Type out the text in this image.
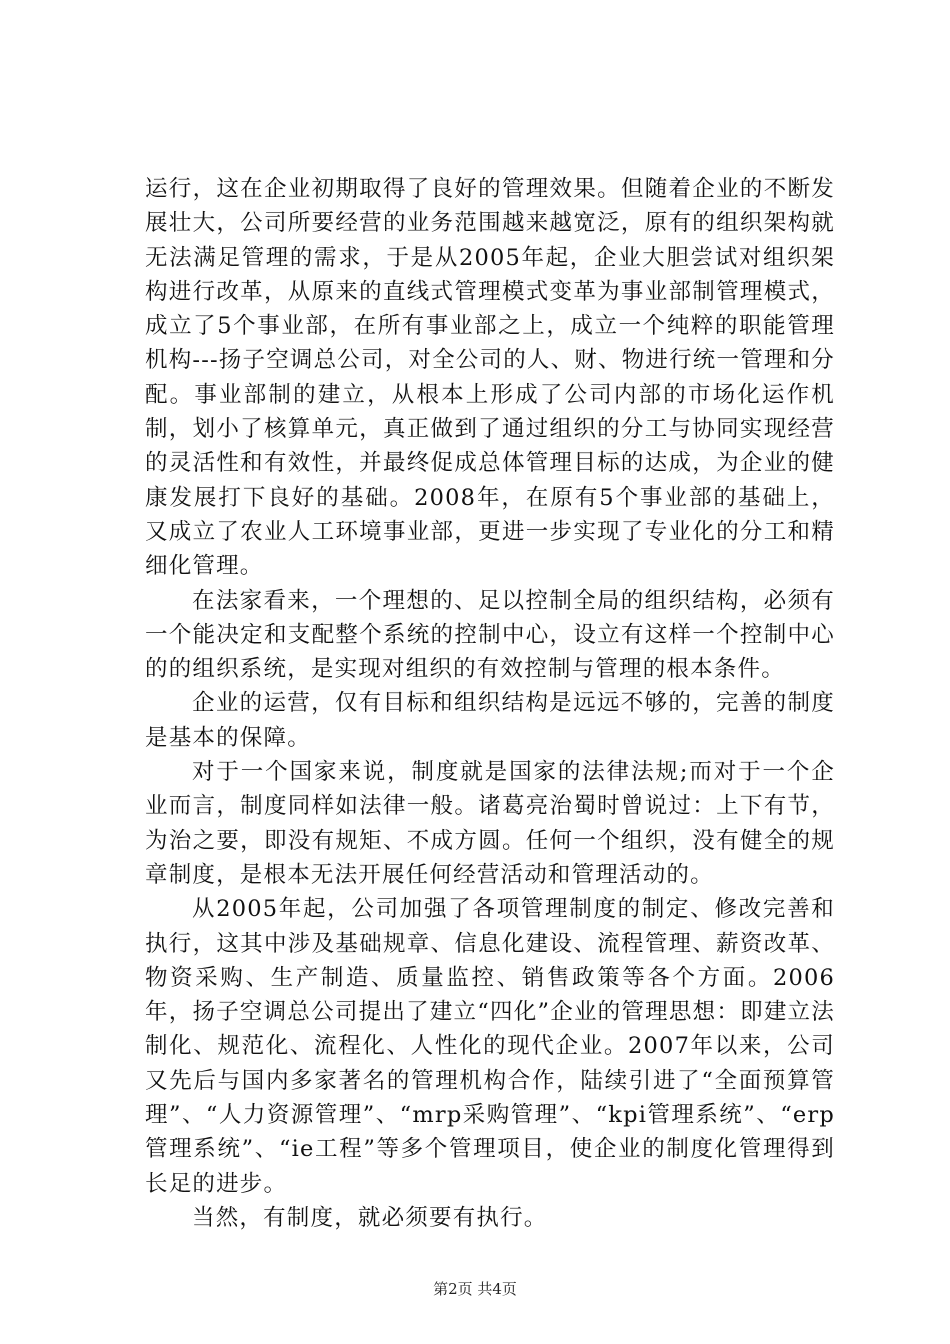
运行，这在企业初期取得了良好的管理效果。但随着企业的不断发展壮大，公司所要经营的业务范围越来越宽泛，原有的组织架构就无法满足管理的需求，于是从2005年起，企业大胆尝试对组织架构进行改革，从原来的直线式管理模式变革为事业部制管理模式，成立了5个事业部，在所有事业部之上，成立一个纯粹的职能管理机构---扬子空调总公司，对全公司的人、财、物进行统一管理和分配。事业部制的建立，从根本上形成了公司内部的市场化运作机制，划小了核算单元，真正做到了通过组织的分工与协同实现经营的灵活性和有效性，并最终促成总体管理目标的达成，为企业的健康发展打下良好的基础。2008年，在原有5个事业部的基础上，又成立了农业人工环境事业部，更进一步实现了专业化的分工和精细化管理。

在法家看来，一个理想的、足以控制全局的组织结构，必须有一个能决定和支配整个系统的控制中心，设立有这样一个控制中心的的组织系统，是实现对组织的有效控制与管理的根本条件。

企业的运营，仅有目标和组织结构是远远不够的，完善的制度是基本的保障。

对于一个国家来说，制度就是国家的法律法规;而对于一个企业而言，制度同样如法律一般。诸葛亮治蜀时曾说过：上下有节，为治之要，即没有规矩、不成方圆。任何一个组织，没有健全的规章制度，是根本无法开展任何经营活动和管理活动的。

从2005年起，公司加强了各项管理制度的制定、修改完善和执行，这其中涉及基础规章、信息化建设、流程管理、薪资改革、物资采购、生产制造、质量监控、销售政策等各个方面。2006年，扬子空调总公司提出了建立“四化”企业的管理思想：即建立法制化、规范化、流程化、人性化的现代企业。2007年以来，公司又先后与国内多家著名的管理机构合作，陆续引进了“全面预算管理”、“人力资源管理”、“mrp采购管理”、“kpi管理系统”、“erp管理系统”、“ie工程”等多个管理项目，使企业的制度化管理得到长足的进步。

当然，有制度，就必须要有执行。

第2页 共4页
